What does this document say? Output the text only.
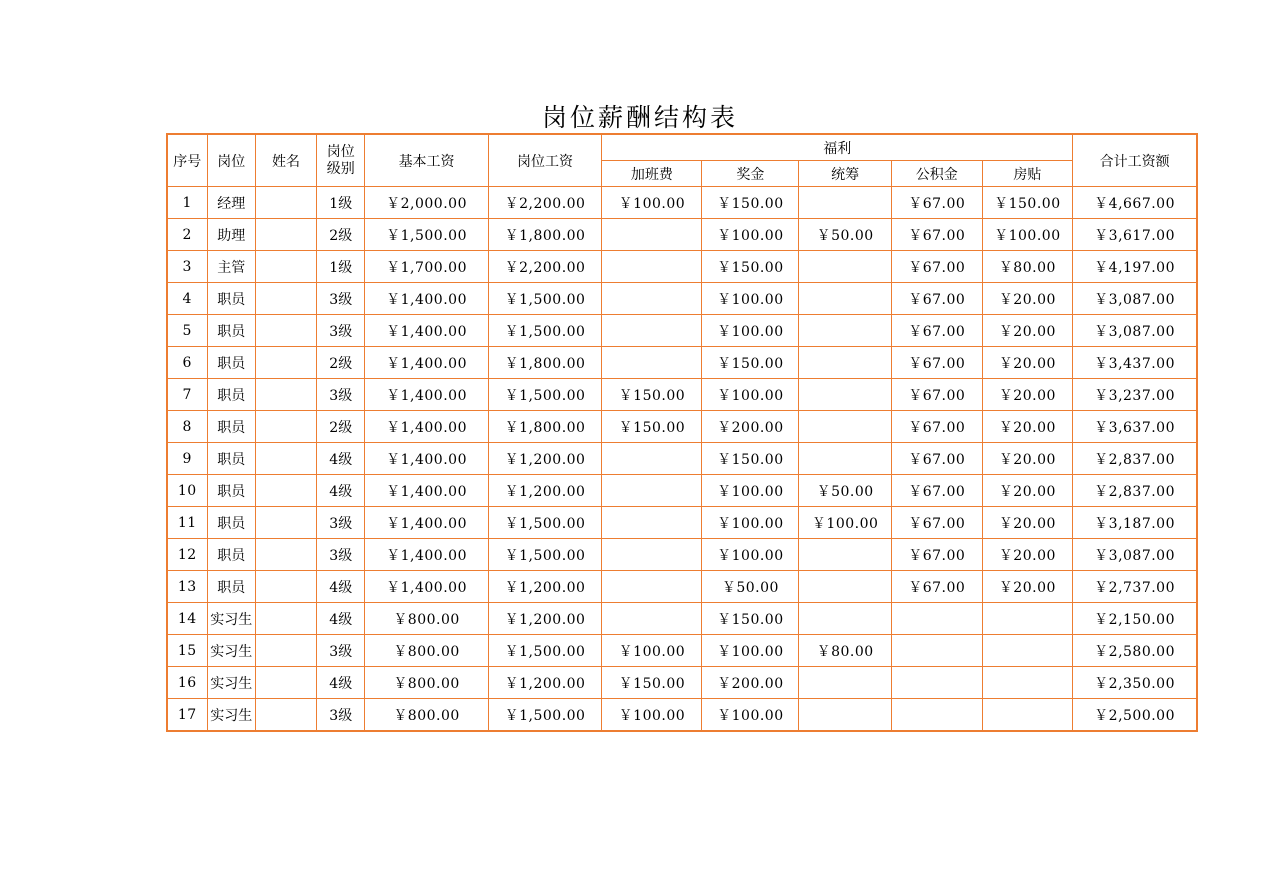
岗位薪酬结构表
序号	岗位	姓名	岗位
级别	基本工资	岗位工资	福利					合计工资额
						加班费	奖金	统筹	公积金	房贴	
1	经理		1级	￥2,000.00	￥2,200.00	￥100.00	￥150.00		￥67.00	￥150.00	￥4,667.00
2	助理		2级	￥1,500.00	￥1,800.00		￥100.00	￥50.00	￥67.00	￥100.00	￥3,617.00
3	主管		1级	￥1,700.00	￥2,200.00		￥150.00		￥67.00	￥80.00	￥4,197.00
4	职员		3级	￥1,400.00	￥1,500.00		￥100.00		￥67.00	￥20.00	￥3,087.00
5	职员		3级	￥1,400.00	￥1,500.00		￥100.00		￥67.00	￥20.00	￥3,087.00
6	职员		2级	￥1,400.00	￥1,800.00		￥150.00		￥67.00	￥20.00	￥3,437.00
7	职员		3级	￥1,400.00	￥1,500.00	￥150.00	￥100.00		￥67.00	￥20.00	￥3,237.00
8	职员		2级	￥1,400.00	￥1,800.00	￥150.00	￥200.00		￥67.00	￥20.00	￥3,637.00
9	职员		4级	￥1,400.00	￥1,200.00		￥150.00		￥67.00	￥20.00	￥2,837.00
10	职员		4级	￥1,400.00	￥1,200.00		￥100.00	￥50.00	￥67.00	￥20.00	￥2,837.00
11	职员		3级	￥1,400.00	￥1,500.00		￥100.00	￥100.00	￥67.00	￥20.00	￥3,187.00
12	职员		3级	￥1,400.00	￥1,500.00		￥100.00		￥67.00	￥20.00	￥3,087.00
13	职员		4级	￥1,400.00	￥1,200.00		￥50.00		￥67.00	￥20.00	￥2,737.00
14	实习生		4级	￥800.00	￥1,200.00		￥150.00				￥2,150.00
15	实习生		3级	￥800.00	￥1,500.00	￥100.00	￥100.00	￥80.00			￥2,580.00
16	实习生		4级	￥800.00	￥1,200.00	￥150.00	￥200.00				￥2,350.00
17	实习生		3级	￥800.00	￥1,500.00	￥100.00	￥100.00				￥2,500.00
